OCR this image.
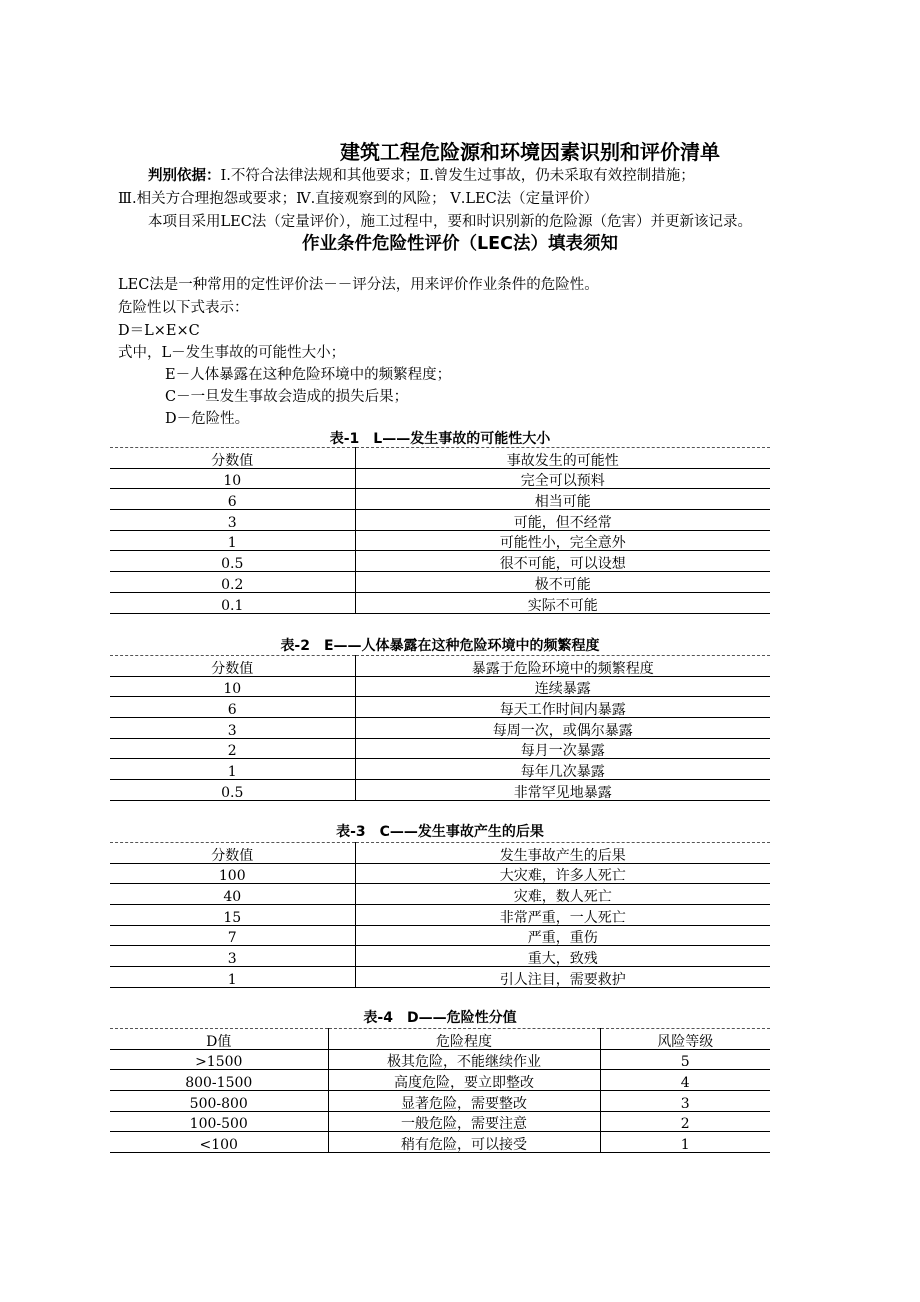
建筑工程危险源和环境因素识别和评价清单
判别依据：Ⅰ.不符合法律法规和其他要求；Ⅱ.曾发生过事故，仍未采取有效控制措施；
Ⅲ.相关方合理抱怨或要求；Ⅳ.直接观察到的风险； Ⅴ.LEC法（定量评价）
本项目采用LEC法（定量评价），施工过程中，要和时识别新的危险源（危害）并更新该记录。
作业条件危险性评价（LEC法）填表须知
LEC法是一种常用的定性评价法－－评分法，用来评价作业条件的危险性。
危险性以下式表示：
D＝L×E×C
式中，L－发生事故的可能性大小；
E－人体暴露在这种危险环境中的频繁程度；
C－一旦发生事故会造成的损失后果；
D－危险性。
表-1　L——发生事故的可能性大小
分数值	事故发生的可能性
10	完全可以预料
6	相当可能
3	可能，但不经常
1	可能性小，完全意外
0.5	很不可能，可以设想
0.2	极不可能
0.1	实际不可能
表-2　E——人体暴露在这种危险环境中的频繁程度
分数值	暴露于危险环境中的频繁程度
10	连续暴露
6	每天工作时间内暴露
3	每周一次，或偶尔暴露
2	每月一次暴露
1	每年几次暴露
0.5	非常罕见地暴露
表-3　C——发生事故产生的后果
分数值	发生事故产生的后果
100	大灾难，许多人死亡
40	灾难，数人死亡
15	非常严重，一人死亡
7	严重，重伤
3	重大，致残
1	引人注目，需要救护
表-4　D——危险性分值
D值	危险程度	风险等级
>1500	极其危险，不能继续作业	5
800-1500	高度危险，要立即整改	4
500-800	显著危险，需要整改	3
100-500	一般危险，需要注意	2
<100	稍有危险，可以接受	1
